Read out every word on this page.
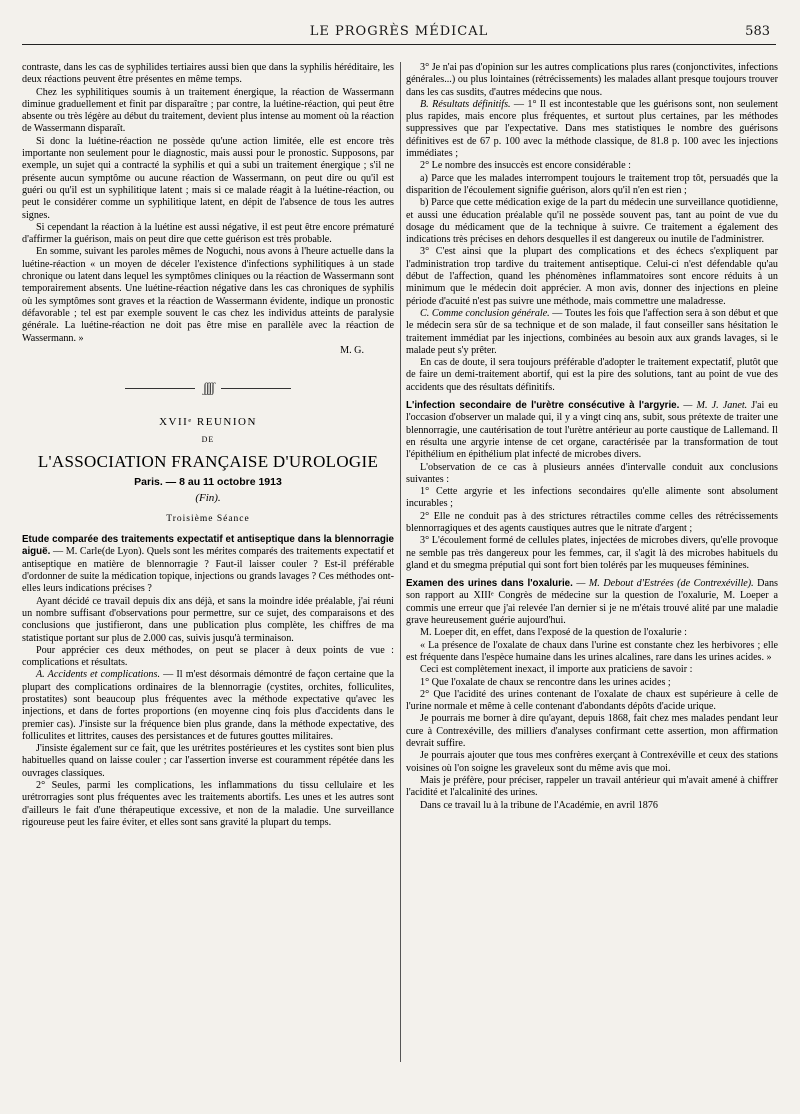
LE PROGRÈS MÉDICAL	583

contraste, dans les cas de syphilides tertiaires aussi bien que dans la syphilis héréditaire, les deux réactions peuvent être présentes en même temps.

Chez les syphilitiques soumis à un traitement énergique, la réaction de Wassermann diminue graduellement et finit par disparaître ; par contre, la luétine-réaction, qui peut être absente ou très légère au début du traitement, devient plus intense au moment où la réaction de Wassermann disparaît.

Si donc la luétine-réaction ne possède qu'une action limitée, elle est encore très importante non seulement pour le diagnostic, mais aussi pour le pronostic. Supposons, par exemple, un sujet qui a contracté la syphilis et qui a subi un traitement énergique ; s'il ne présente aucun symptôme ou aucune réaction de Wassermann, on peut dire ou qu'il est guéri ou qu'il est un syphilitique latent ; mais si ce malade réagit à la luétine-réaction, ou peut le considérer comme un syphilitique latent, en dépit de l'absence de tous les autres signes.

Si cependant la réaction à la luétine est aussi négative, il est peut être encore prématuré d'affirmer la guérison, mais on peut dire que cette guérison est très probable.

En somme, suivant les paroles mêmes de Noguchi, nous avons à l'heure actuelle dans la luétine-réaction « un moyen de déceler l'existence d'infections syphilitiques à un stade chronique ou latent dans lequel les symptômes cliniques ou la réaction de Wassermann sont temporairement absents. Une luétine-réaction négative dans les cas chroniques de syphilis où les symptômes sont graves et la réaction de Wassermann évidente, indique un pronostic défavorable ; tel est par exemple souvent le cas chez les individus atteints de paralysie générale. La luétine-réaction ne doit pas être mise en parallèle avec la réaction de Wassermann. »

M. G.
ʃʃʃʃ
XVIIᵉ REUNION
DE
L'ASSOCIATION FRANÇAISE D'UROLOGIE
Paris. — 8 au 11 octobre 1913
(Fin).
Troisième Séance

Etude comparée des traitements expectatif et antiseptique dans la blennorragie aiguë. — M. Carle(de Lyon). Quels sont les mérites comparés des traitements expectatif et antiseptique en matière de blennorragie ? Faut-il laisser couler ? Est-il préférable d'ordonner de suite la médication topique, injections ou grands lavages ? Ces méthodes ont-elles leurs indications précises ?

Ayant décidé ce travail depuis dix ans déjà, et sans la moindre idée préalable, j'ai réuni un nombre suffisant d'observations pour permettre, sur ce sujet, des comparaisons et des conclusions que justifieront, dans une publication plus complète, les chiffres de ma statistique portant sur plus de 2.000 cas, suivis jusqu'à terminaison.

Pour apprécier ces deux méthodes, on peut se placer à deux points de vue : complications et résultats.

A. Accidents et complications. — Il m'est désormais démontré de façon certaine que la plupart des complications ordinaires de la blennorragie (cystites, orchites, folliculites, prostatites) sont beaucoup plus fréquentes avec la méthode expectative qu'avec les injections, et dans de fortes proportions (en moyenne cinq fois plus d'accidents dans le premier cas). J'insiste sur la fréquence bien plus grande, dans la méthode expectative, des folliculites et littrites, causes des persistances et de futures gouttes militaires.

J'insiste également sur ce fait, que les urétrites postérieures et les cystites sont bien plus habituelles quand on laisse couler ; car l'assertion inverse est couramment répétée dans les ouvrages classiques.

2° Seules, parmi les complications, les inflammations du tissu cellulaire et les urétrorragies sont plus fréquentes avec les traitements abortifs. Les unes et les autres sont d'ailleurs le fait d'une thérapeutique excessive, et non de la maladie. Une surveillance rigoureuse peut les faire éviter, et elles sont sans gravité la plupart du temps.

3° Je n'ai pas d'opinion sur les autres complications plus rares (conjonctivites, infections générales...) ou plus lointaines (rétrécissements) les malades allant presque toujours trouver dans les cas susdits, d'autres médecins que nous.

B. Résultats définitifs. — 1° Il est incontestable que les guérisons sont, non seulement plus rapides, mais encore plus fréquentes, et surtout plus certaines, par les méthodes suppressives que par l'expectative. Dans mes statistiques le nombre des guérisons définitives est de 67 p. 100 avec la méthode classique, de 81.8 p. 100 avec les injections immédiates ;

2° Le nombre des insuccès est encore considérable :

a) Parce que les malades interrompent toujours le traitement trop tôt, persuadés que la disparition de l'écoulement signifie guérison, alors qu'il n'en est rien ;

b) Parce que cette médication exige de la part du médecin une surveillance quotidienne, et aussi une éducation préalable qu'il ne possède souvent pas, tant au point de vue du dosage du médicament que de la technique à suivre. Ce traitement a également des indications très précises en dehors desquelles il est dangereux ou inutile de l'administrer.

3° C'est ainsi que la plupart des complications et des échecs s'expliquent par l'administration trop tardive du traitement antiseptique. Celui-ci n'est défendable qu'au début de l'affection, quand les phénomènes inflammatoires sont encore réduits à un minimum que le médecin doit apprécier. A mon avis, donner des injections en pleine période d'acuité n'est pas suivre une méthode, mais commettre une maladresse.

C. Comme conclusion générale. — Toutes les fois que l'affection sera à son début et que le médecin sera sûr de sa technique et de son malade, il faut conseiller sans hésitation le traitement immédiat par les injections, combinées au besoin aux aux grands lavages, si le malade peut s'y prêter.

En cas de doute, il sera toujours préférable d'adopter le traitement expectatif, plutôt que de faire un demi-traitement abortif, qui est la pire des solutions, tant au point de vue des accidents que des résultats définitifs.

L'infection secondaire de l'urètre consécutive à l'argyrie. — M. J. Janet. J'ai eu l'occasion d'observer un malade qui, il y a vingt cinq ans, subit, sous prétexte de traiter une blennorragie, une cautérisation de tout l'urètre antérieur au porte caustique de Lallemand. Il en résulta une argyrie intense de cet organe, caractérisée par la transformation de tout l'épithélium en épithélium plat infecté de microbes divers.

L'observation de ce cas à plusieurs années d'intervalle conduit aux conclusions suivantes :

1° Cette argyrie et les infections secondaires qu'elle alimente sont absolument incurables ;

2° Elle ne conduit pas à des strictures rétractiles comme celles des rétrécissements blennorragiques et des agents caustiques autres que le nitrate d'argent ;

3° L'écoulement formé de cellules plates, injectées de microbes divers, qu'elle provoque ne semble pas très dangereux pour les femmes, car, il s'agit là des microbes habituels du gland et du smegma préputial qui sont fort bien tolérés par les muqueuses féminines.

Examen des urines dans l'oxalurie. — M. Debout d'Estrées (de Contrexéville). Dans son rapport au XIIIᵉ Congrès de médecine sur la question de l'oxalurie, M. Loeper a commis une erreur que j'ai relevée l'an dernier si je ne m'étais trouvé alité par une maladie grave heureusement guérie aujourd'hui.

M. Loeper dit, en effet, dans l'exposé de la question de l'oxalurie :

« La présence de l'oxalate de chaux dans l'urine est constante chez les herbivores ; elle est fréquente dans l'espèce humaine dans les urines alcalines, rare dans les urines acides. »

Ceci est complètement inexact, il importe aux praticiens de savoir :

1° Que l'oxalate de chaux se rencontre dans les urines acides ;

2° Que l'acidité des urines contenant de l'oxalate de chaux est supérieure à celle de l'urine normale et même à celle contenant d'abondants dépôts d'acide urique.

Je pourrais me borner à dire qu'ayant, depuis 1868, fait chez mes malades pendant leur cure à Contrexéville, des milliers d'analyses confirmant cette assertion, mon affirmation devrait suffire.

Je pourrais ajouter que tous mes confrères exerçant à Contrexéville et ceux des stations voisines où l'on soigne les graveleux sont du même avis que moi.

Mais je préfère, pour préciser, rappeler un travail antérieur qui m'avait amené à chiffrer l'acidité et l'alcalinité des urines.

Dans ce travail lu à la tribune de l'Académie, en avril 1876
